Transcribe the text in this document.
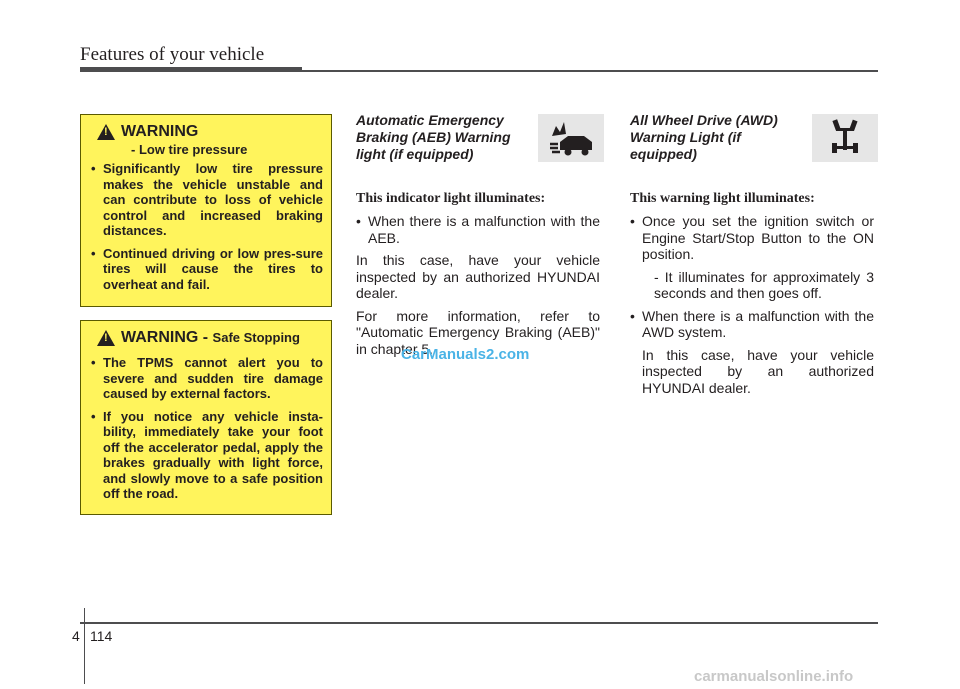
Features of your vehicle
!
WARNING
- Low tire pressure
• Significantly low tire pressure makes the vehicle unstable and can contribute to loss of vehicle control and increased braking distances.
• Continued driving or low pres-sure tires will cause the tires to overheat and fail.
!
WARNING - Safe Stopping
• The TPMS cannot alert you to severe and sudden tire damage caused by external factors.
• If you notice any vehicle insta-bility, immediately take your foot off the accelerator pedal, apply the brakes gradually with light force, and slowly move to a safe position off the road.
Automatic Emergency Braking (AEB) Warning light (if equipped)
This indicator light illuminates:
• When there is a malfunction with the AEB.
In this case, have your vehicle inspected by an authorized HYUNDAI dealer.
For more information, refer to "Automatic Emergency Braking (AEB)" in chapter 5.
All Wheel Drive (AWD) Warning Light (if equipped)
This warning light illuminates:
• Once you set the ignition switch or Engine Start/Stop Button to the ON position.
- It illuminates for approximately 3 seconds and then goes off.
• When there is a malfunction with the AWD system.
In this case, have your vehicle inspected by an authorized HYUNDAI dealer.
CarManuals2.com
4 114
carmanualsonline.info
